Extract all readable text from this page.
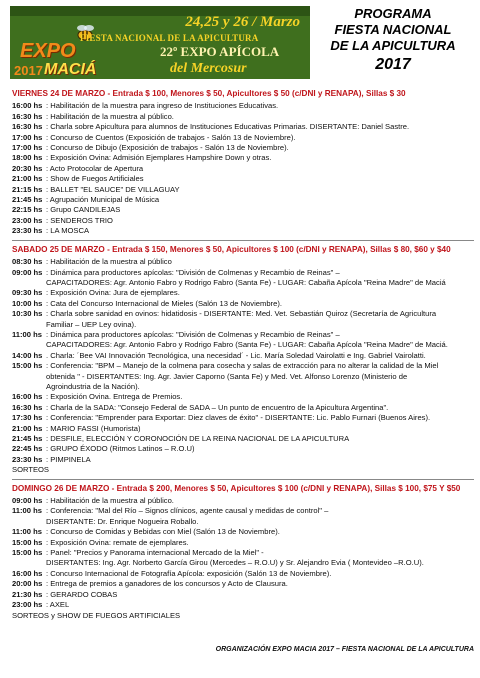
EXPO
2017 MACIÁ
24,25 y 26 / Marzo
FIESTA NACIONAL DE LA APICULTURA
22º EXPO APÍCOLA
del Mercosur
PROGRAMA
FIESTA NACIONAL
DE LA APICULTURA
2017
VIERNES 24 DE MARZO - Entrada $ 100, Menores $ 50, Apicultores $ 50 (c/DNI y RENAPA), Sillas $ 30
16:00 hs : Habilitación de la muestra para ingreso de Instituciones Educativas.
16:30 hs : Habilitación de la muestra al público.
16:30 hs : Charla sobre Apicultura para alumnos de Instituciones Educativas Primarias. DISERTANTE: Daniel Sastre.
17:00 hs : Concurso de Cuentos (Exposición de trabajos - Salón 13 de Noviembre).
17:00 hs : Concurso de Dibujo (Exposición de trabajos - Salón 13 de Noviembre).
18:00 hs : Exposición Ovina: Admisión Ejemplares Hampshire Down y otras.
20:30 hs : Acto Protocolar de Apertura
21:00 hs : Show de Fuegos Artificiales
21:15 hs : BALLET "EL SAUCE" DE VILLAGUAY
21:45 hs : Agrupación Municipal de Música
22:15 hs : Grupo CANDILEJAS
23:00 hs : SENDEROS TRIO
23:30 hs : LA MOSCA
SABADO 25 DE MARZO - Entrada $ 150, Menores $ 50, Apicultores $ 100 (c/DNI y RENAPA), Sillas $ 80, $60 y $40
08:30 hs : Habilitación de la muestra al público
09:00 hs : Dinámica para productores apícolas: "División de Colmenas y Recambio de Reinas" –
CAPACITADORES: Agr. Antonio Fabro y Rodrigo Fabro (Santa Fe) - LUGAR: Cabaña Apícola "Reina Madre" de Maciá
09:30 hs : Exposición Ovina: Jura de ejemplares.
10:00 hs : Cata del Concurso Internacional de Mieles (Salón 13 de Noviembre).
10:30 hs : Charla sobre sanidad en ovinos: hidatidosis - DISERTANTE: Med. Vet. Sebastián Quiroz (Secretaría de Agricultura
Familiar – UEP Ley ovina).
11:00 hs : Dinámica para productores apícolas: "División de Colmenas y Recambio de Reinas" –
CAPACITADORES: Agr. Antonio Fabro y Rodrigo Fabro (Santa Fe) - LUGAR: Cabaña Apícola "Reina Madre" de Maciá.
14:00 hs . Charla: ´Bee VAI Innovación Tecnológica, una necesidad´ - Lic. María Soledad Vairolatti e Ing. Gabriel Vairolatti.
15:00 hs : Conferencia: "BPM – Manejo de la colmena para cosecha y salas de extracción para no alterar la calidad de la Miel
obtenida " - DISERTANTES: Ing. Agr. Javier Caporno (Santa Fe) y Med. Vet. Alfonso Lorenzo (Ministerio de
Agroindustria de la Nación).
16:00 hs : Exposición Ovina. Entrega de Premios.
16:30 hs : Charla de la SADA: "Consejo Federal de SADA – Un punto de encuentro de la Apicultura Argentina".
17:30 hs : Conferencia: "Emprender para Exportar: Diez claves de éxito" - DISERTANTE: Lic. Pablo Furnari (Buenos Aires).
21:00 hs : MARIO FASSI (Humorista)
21:45 hs : DESFILE, ELECCIÓN Y CORONOCIÓN DE LA REINA NACIONAL DE LA APICULTURA
22:45 hs : GRUPO ÉXODO (Ritmos Latinos – R.O.U)
23:30 hs : PIMPINELA
SORTEOS
DOMINGO 26 DE MARZO - Entrada $ 200, Menores $ 50, Apicultores $ 100 (c/DNI y RENAPA), Sillas $ 100, $75 Y $50
09:00 hs : Habilitación de la muestra al público.
11:00 hs : Conferencia: "Mal del Río – Signos clínicos, agente causal y medidas de control" –
DISERTANTE: Dr. Enrique Nogueira Roballo.
11:00 hs : Concurso de Comidas y Bebidas con Miel (Salón 13 de Noviembre).
15:00 hs : Exposición Ovina: remate de ejemplares.
15:00 hs : Panel: "Precios y Panorama internacional Mercado de la Miel" -
DISERTANTES: Ing. Agr. Norberto García Girou (Mercedes – R.O.U) y Sr. Alejandro Evia ( Montevideo –R.O.U).
16:00 hs : Concurso Internacional de Fotografía Apícola: exposición (Salón 13 de Noviembre).
20:00 hs : Entrega de premios a ganadores de los concursos y Acto de Clausura.
21:30 hs : GERARDO COBAS
23:00 hs : AXEL
SORTEOS y SHOW DE FUEGOS ARTIFICIALES
ORGANIZACIÓN EXPO MACIA 2017 – FIESTA NACIONAL DE LA APICULTURA
